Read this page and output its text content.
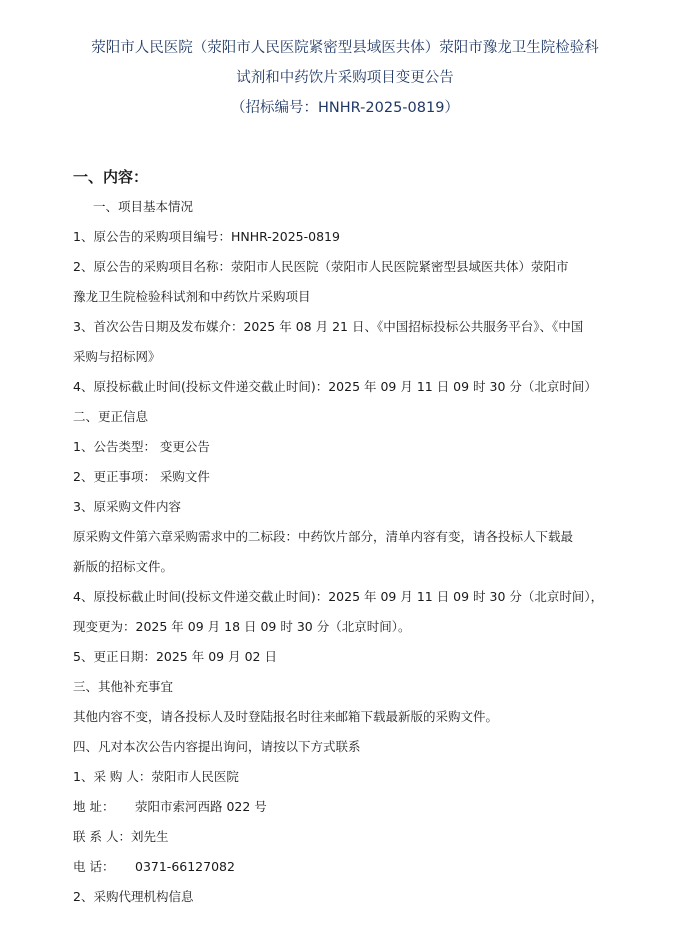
荥阳市人民医院（荥阳市人民医院紧密型县域医共体）荥阳市豫龙卫生院检验科
试剂和中药饮片采购项目变更公告
（招标编号：HNHR-2025-0819）
一、内容：
一、项目基本情况
1、原公告的采购项目编号：HNHR-2025-0819
2、原公告的采购项目名称：荥阳市人民医院（荥阳市人民医院紧密型县域医共体）荥阳市
豫龙卫生院检验科试剂和中药饮片采购项目
3、首次公告日期及发布媒介：2025 年 08 月 21 日、《中国招标投标公共服务平台》、《中国
采购与招标网》
4、原投标截止时间(投标文件递交截止时间)：2025 年 09 月 11 日 09 时 30 分（北京时间）
二、更正信息
1、公告类型： 变更公告
2、更正事项： 采购文件
3、原采购文件内容
原采购文件第六章采购需求中的二标段：中药饮片部分，清单内容有变，请各投标人下载最
新版的招标文件。
4、原投标截止时间(投标文件递交截止时间)：2025 年 09 月 11 日 09 时 30 分（北京时间），
现变更为：2025 年 09 月 18 日 09 时 30 分（北京时间）。
5、更正日期：2025 年 09 月 02 日
三、其他补充事宜
其他内容不变，请各投标人及时登陆报名时往来邮箱下载最新版的采购文件。
四、凡对本次公告内容提出询问，请按以下方式联系
1、采 购 人：荥阳市人民医院
地 址： 荥阳市索河西路 022 号
联 系 人：刘先生
电 话： 0371-66127082
2、采购代理机构信息
